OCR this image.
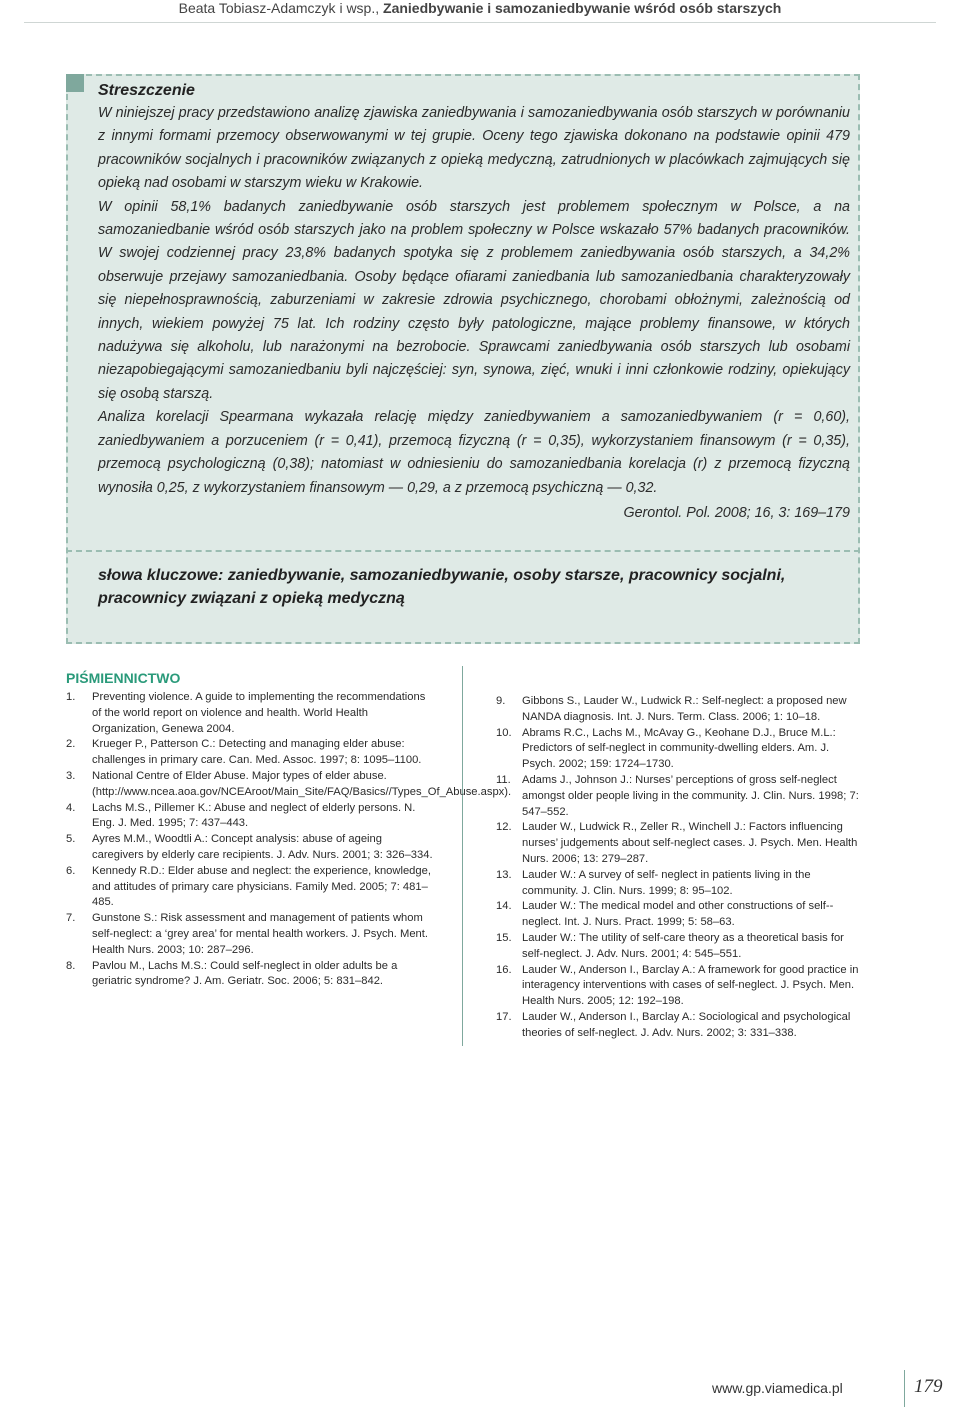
Beata Tobiasz-Adamczyk i wsp., Zaniedbywanie i samozaniedbywanie wśród osób starszych
Streszczenie

W niniejszej pracy przedstawiono analizę zjawiska zaniedbywania i samozaniedbywania osób starszych w porównaniu z innymi formami przemocy obserwowanymi w tej grupie. Oceny tego zjawiska dokonano na podstawie opinii 479 pracowników socjalnych i pracowników związanych z opieką medyczną, zatrudnionych w placówkach zajmujących się opieką nad osobami w starszym wieku w Krakowie.

W opinii 58,1% badanych zaniedbywanie osób starszych jest problemem społecznym w Polsce, a na samozaniedbanie wśród osób starszych jako na problem społeczny w Polsce wskazało 57% badanych pracowników. W swojej codziennej pracy 23,8% badanych spotyka się z problemem zaniedbywania osób starszych, a 34,2% obserwuje przejawy samozaniedbania. Osoby będące ofiarami zaniedbania lub samozaniedbania charakteryzowały się niepełnosprawnością, zaburzeniami w zakresie zdrowia psychicznego, chorobami obłożnymi, zależnością od innych, wiekiem powyżej 75 lat. Ich rodziny często były patologiczne, mające problemy finansowe, w których nadużywa się alkoholu, lub narażonymi na bezrobocie. Sprawcami zaniedbywania osób starszych lub osobami niezapobiegającymi samozaniedbaniu byli najczęściej: syn, synowa, zięć, wnuki i inni członkowie rodziny, opiekujący się osobą starszą.

Analiza korelacji Spearmana wykazała relację między zaniedbywaniem a samozaniedbywaniem (r = 0,60), zaniedbywaniem a porzuceniem (r = 0,41), przemocą fizyczną (r = 0,35), wykorzystaniem finansowym (r = 0,35), przemocą psychologiczną (0,38); natomiast w odniesieniu do samozaniedbania korelacja (r) z przemocą fizyczną wynosiła 0,25, z wykorzystaniem finansowym — 0,29, a z przemocą psychiczną — 0,32.

Gerontol. Pol. 2008; 16, 3: 169–179

słowa kluczowe: zaniedbywanie, samozaniedbywanie, osoby starsze, pracownicy socjalni, pracownicy związani z opieką medyczną
PIŚMIENNICTWO
1.	Preventing violence. A guide to implementing the recommendations of the world report on violence and health. World Health Organization, Genewa 2004.
2.	Krueger P., Patterson C.: Detecting and managing elder abuse: challenges in primary care. Can. Med. Assoc. 1997; 8: 1095–1100.
3.	National Centre of Elder Abuse. Major types of elder abuse. (http://www.ncea.aoa.gov/NCEAroot/Main_Site/FAQ/Basics//Types_Of_Abuse.aspx).
4.	Lachs M.S., Pillemer K.: Abuse and neglect of elderly persons. N. Eng. J. Med. 1995; 7: 437–443.
5.	Ayres M.M., Woodtli A.: Concept analysis: abuse of ageing caregivers by elderly care recipients. J. Adv. Nurs. 2001; 3: 326–334.
6.	Kennedy R.D.: Elder abuse and neglect: the experience, knowledge, and attitudes of primary care physicians. Family Med. 2005; 7: 481–485.
7.	Gunstone S.: Risk assessment and management of patients whom self-neglect: a ‘grey area’ for mental health workers. J. Psych. Ment. Health Nurs. 2003; 10: 287–296.
8.	Pavlou M., Lachs M.S.: Could self-neglect in older adults be a geriatric syndrome? J. Am. Geriatr. Soc. 2006; 5: 831–842.
9.	Gibbons S., Lauder W., Ludwick R.: Self-neglect: a proposed new NANDA diagnosis. Int. J. Nurs. Term. Class. 2006; 1: 10–18.
10. Abrams R.C., Lachs M., McAvay G., Keohane D.J., Bruce M.L.: Predictors of self-neglect in community-dwelling elders. Am. J. Psych. 2002; 159: 1724–1730.
11.	Adams J., Johnson J.: Nurses’ perceptions of gross self-neglect amongst older people living in the community. J. Clin. Nurs. 1998; 7: 547–552.
12. Lauder W., Ludwick R., Zeller R., Winchell J.: Factors influencing nurses’ judgements about self-neglect cases. J. Psych. Men. Health Nurs. 2006; 13: 279–287.
13. Lauder W.: A survey of self- neglect in patients living in the community. J. Clin. Nurs. 1999; 8: 95–102.
14. Lauder W.: The medical model and other constructions of self--neglect. Int. J. Nurs. Pract. 1999; 5: 58–63.
15. Lauder W.: The utility of self-care theory as a theoretical basis for self-neglect. J. Adv. Nurs. 2001; 4: 545–551.
16. Lauder W., Anderson I., Barclay A.: A framework for good practice in interagency interventions with cases of self-neglect. J. Psych. Men. Health Nurs. 2005; 12: 192–198.
17. Lauder W., Anderson I., Barclay A.: Sociological and psychological theories of self-neglect. J. Adv. Nurs. 2002; 3: 331–338.
www.gp.viamedica.pl	179
